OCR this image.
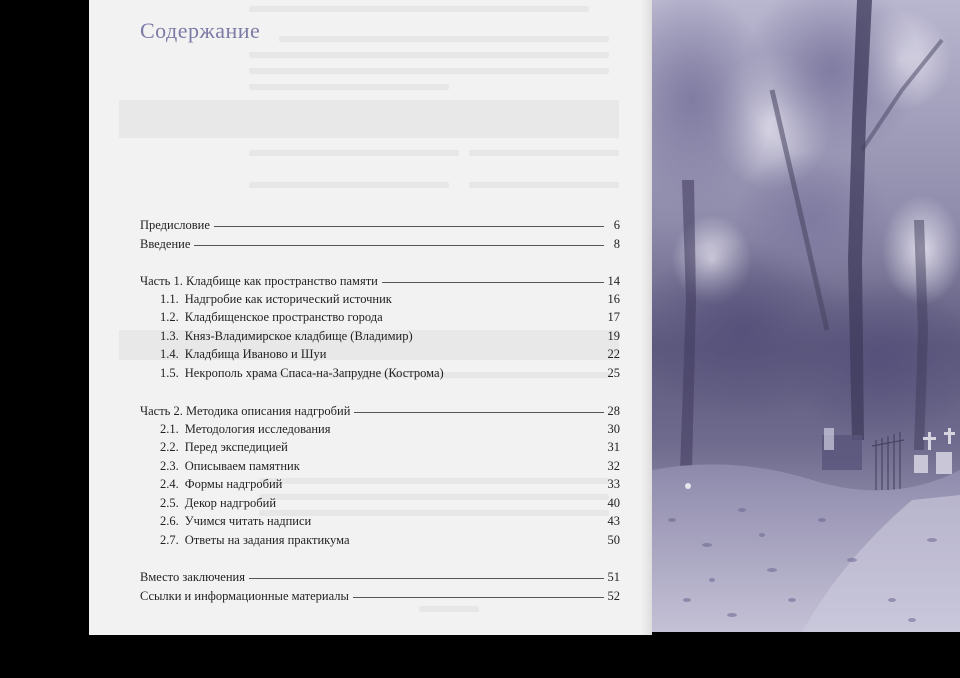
Содержание
Предисловие	6
Введение	8
Часть 1. Кладбище как пространство памяти	14
1.1. Надгробие как исторический источник	16
1.2. Кладбищенское пространство города	17
1.3. Княз‑Владимирское кладбище (Владимир)	19
1.4. Кладбища Иваново и Шуи	22
1.5. Некрополь храма Спаса‑на‑Запрудне (Кострома)	25
Часть 2. Методика описания надгробий	28
2.1. Методология исследования	30
2.2. Перед экспедицией	31
2.3. Описываем памятник	32
2.4. Формы надгробий	33
2.5. Декор надгробий	40
2.6. Учимся читать надписи	43
2.7. Ответы на задания практикума	50
Вместо заключения	51
Ссылки и информационные материалы	52
